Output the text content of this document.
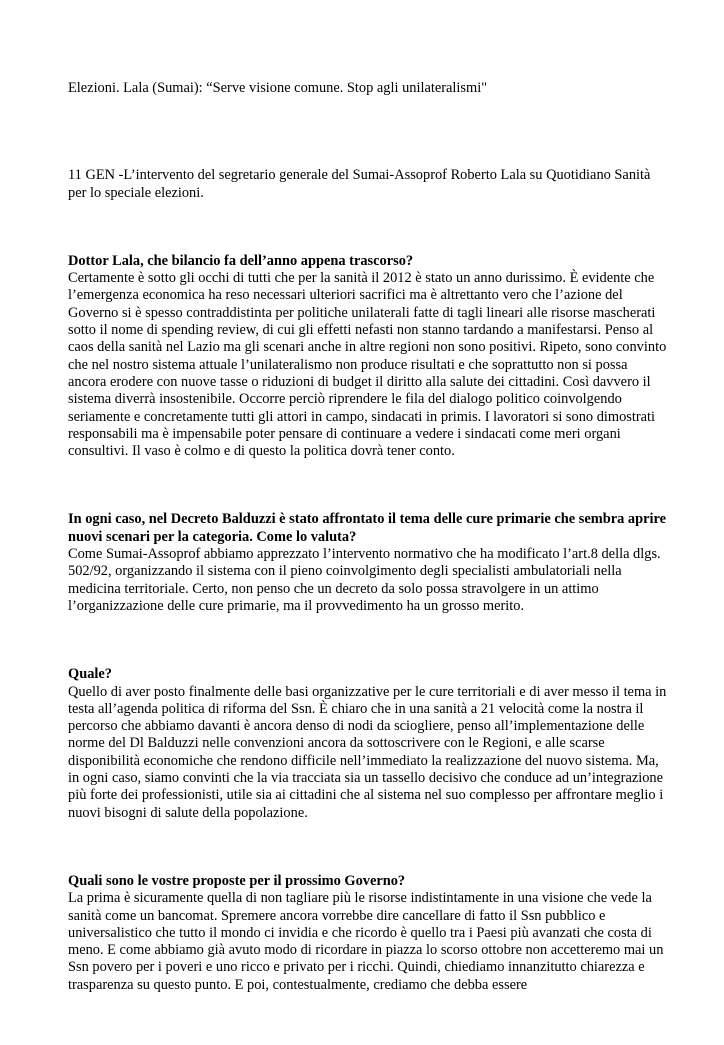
Elezioni. Lala (Sumai): “Serve visione comune. Stop agli unilateralismi"

11 GEN -L’intervento del segretario generale del Sumai-Assoprof Roberto Lala su Quotidiano Sanità per lo speciale elezioni.

Dottor Lala, che bilancio fa dell’anno appena trascorso?

Certamente è sotto gli occhi di tutti che per la sanità il 2012 è stato un anno durissimo. È evidente che l’emergenza economica ha reso necessari ulteriori sacrifici ma è altrettanto vero che l’azione del Governo si è spesso contraddistinta per politiche unilaterali fatte di tagli lineari alle risorse mascherati sotto il nome di spending review, di cui gli effetti nefasti non stanno tardando a manifestarsi. Penso al caos della sanità nel Lazio ma gli scenari anche in altre regioni non sono positivi. Ripeto, sono convinto che nel nostro sistema attuale l’unilateralismo non produce risultati e che soprattutto non si possa ancora erodere con nuove tasse o riduzioni di budget il diritto alla salute dei cittadini. Così davvero il sistema diverrà insostenibile. Occorre perciò riprendere le fila del dialogo politico coinvolgendo seriamente e concretamente tutti gli attori in campo, sindacati in primis. I lavoratori si sono dimostrati responsabili ma è impensabile poter pensare di continuare a vedere i sindacati come meri organi consultivi. Il vaso è colmo e di questo la politica dovrà tener conto.

In ogni caso, nel Decreto Balduzzi è stato affrontato il tema delle cure primarie che sembra aprire nuovi scenari per la categoria. Come lo valuta?

Come Sumai-Assoprof abbiamo apprezzato l’intervento normativo che ha modificato l’art.8 della dlgs. 502/92, organizzando il sistema con il pieno coinvolgimento degli specialisti ambulatoriali nella medicina territoriale. Certo, non penso che un decreto da solo possa stravolgere in un attimo l’organizzazione delle cure primarie, ma il provvedimento ha un grosso merito.

Quale?

Quello di aver posto finalmente delle basi organizzative per le cure territoriali e di aver messo il tema in testa all’agenda politica di riforma del Ssn. È chiaro che in una sanità a 21 velocità come la nostra il percorso che abbiamo davanti è ancora denso di nodi da sciogliere, penso all’implementazione delle norme del Dl Balduzzi nelle convenzioni ancora da sottoscrivere con le Regioni, e alle scarse disponibilità economiche che rendono difficile nell’immediato la realizzazione del nuovo sistema. Ma, in ogni caso, siamo convinti che la via tracciata sia un tassello decisivo che conduce ad un’integrazione più forte dei professionisti, utile sia ai cittadini che al sistema nel suo complesso per affrontare meglio i nuovi bisogni di salute della popolazione.

Quali sono le vostre proposte per il prossimo Governo?

La prima è sicuramente quella di non tagliare più le risorse indistintamente in una visione che vede la sanità come un bancomat. Spremere ancora vorrebbe dire cancellare di fatto il Ssn pubblico e universalistico che tutto il mondo ci invidia e che ricordo è quello tra i Paesi più avanzati che costa di meno. E come abbiamo già avuto modo di ricordare in piazza lo scorso ottobre non accetteremo mai un Ssn povero per i poveri e uno ricco e privato per i ricchi. Quindi, chiediamo innanzitutto chiarezza e trasparenza su questo punto. E poi, contestualmente, crediamo che debba essere
